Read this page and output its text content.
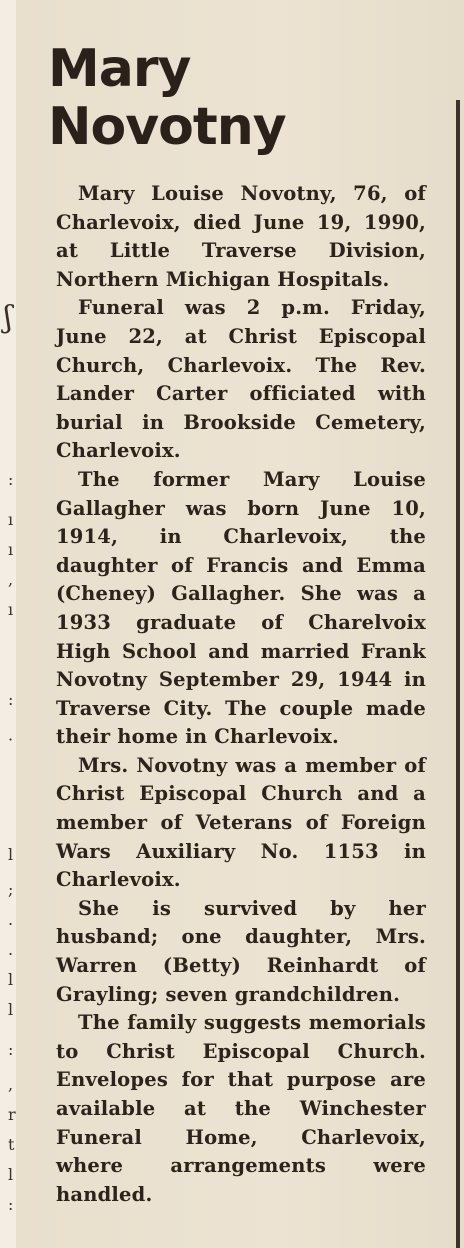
ʃ
:
ı
ı
,
ı
:
·
l
;
.
.
l
l
:
,
r
t
l
:
Mary
Novotny

Mary Louise Novotny, 76, of Charlevoix, died June 19, 1990, at Little Traverse Division, Northern Michigan Hospitals.

Funeral was 2 p.m. Friday, June 22, at Christ Episcopal Church, Charlevoix. The Rev. Lander Carter officiated with burial in Brookside Cemetery, Charlevoix.

The former Mary Louise Gallagher was born June 10, 1914, in Charlevoix, the daughter of Francis and Emma (Cheney) Gallagher. She was a 1933 graduate of Charelvoix High School and married Frank Novotny September 29, 1944 in Traverse City. The couple made their home in Charlevoix.

Mrs. Novotny was a member of Christ Episcopal Church and a member of Veterans of Foreign Wars Auxiliary No. 1153 in Charlevoix.

She is survived by her husband; one daughter, Mrs. Warren (Betty) Reinhardt of Grayling; seven grandchildren.

The family suggests memorials to Christ Episcopal Church. Envelopes for that purpose are available at the Winchester Funeral Home, Charlevoix, where arrangements were handled.
